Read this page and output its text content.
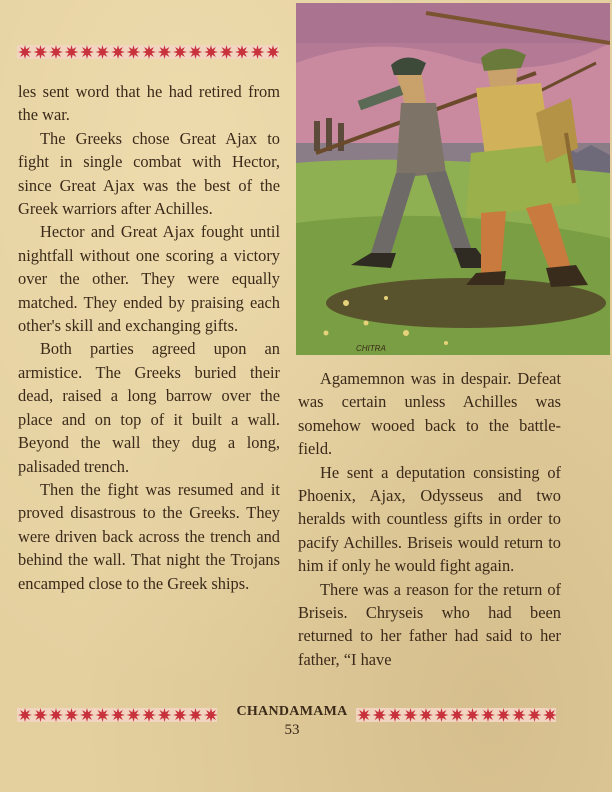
CHITRA

les sent word that he had retired from the war.

The Greeks chose Great Ajax to fight in single combat with Hector, since Great Ajax was the best of the Greek warriors after Achilles.

Hector and Great Ajax fought until nightfall without one scoring a victory over the other. They were equally matched. They ended by praising each other's skill and exchanging gifts.

Both parties agreed upon an armistice. The Greeks buried their dead, raised a long barrow over the place and on top of it built a wall. Beyond the wall they dug a long, palisaded trench.

Then the fight was resumed and it proved disastrous to the Greeks. They were driven back across the trench and behind the wall. That night the Trojans encamped close to the Greek ships.

Agamemnon was in despair. Defeat was certain unless Achilles was somehow wooed back to the battle-field.

He sent a deputation consisting of Phoenix, Ajax, Odysseus and two heralds with countless gifts in order to pacify Achilles. Briseis would return to him if only he would fight again.

There was a reason for the return of Briseis. Chryseis who had been returned to her father had said to her father, “I have

CHANDAMAMA
53
